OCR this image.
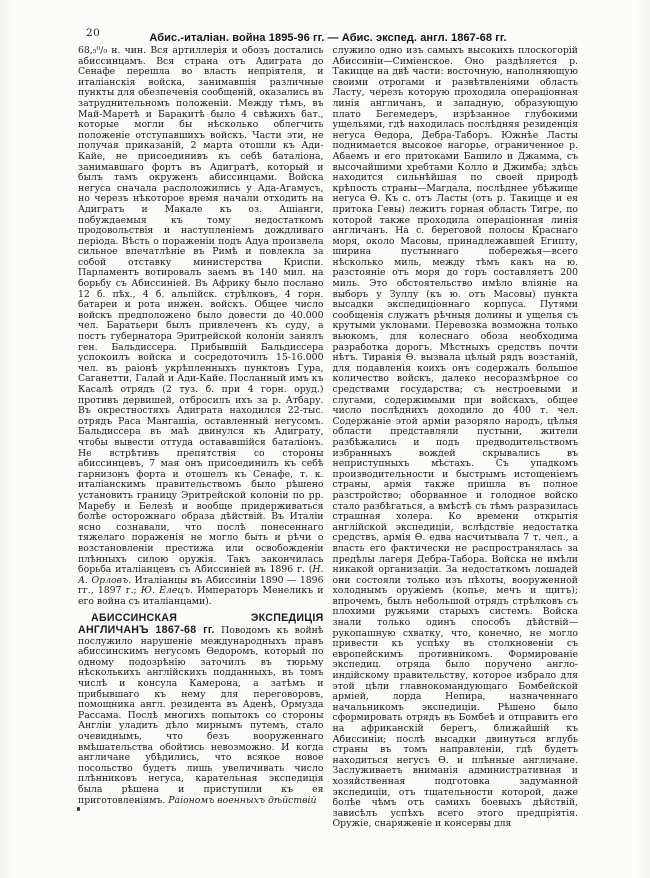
20	Абис.-италіан. война 1895-96 гг. — Абис. экспед. англ. 1867-68 гг.

68,₅⁰/₀ н. чин. Вся артиллерія и обозъ достались абиссинцамъ. Вся страна отъ Адиграта до Сенафе перешла во власть непріятеля, и италіанскія войска, занимавшія различные пункты для обезпеченія сообщеній, оказались въ затруднительномъ положеніи. Между тѣмъ, въ Май-Маретѣ и Баракитѣ было 4 свѣжихъ бат., которые могли бы нѣсколько облегчить положеніе отступавшихъ войскъ. Части эти, не получая приказаній, 2 марта отошли къ Ади-Кайе, не присоединивъ къ себѣ баталіона, занимавшаго фортъ въ Адигратѣ, который и былъ тамъ окруженъ абиссинцами. Войска негуса сначала расположились у Ада-Агамусъ, но черезъ нѣкоторое время начали отходить на Адигратъ и Макале къ оз. Ашіанги, побуждаемыя къ тому недостаткомъ продовольствія и наступленіемъ дождливаго періода. Вѣсть о пораженіи подъ Адуа произвела сильное впечатлѣніе въ Римѣ и повлекла за собой отставку министерства Криспи. Парламентъ вотировалъ заемъ въ 140 мил. на борьбу съ Абиссиніей. Въ Африку было послано 12 б. пѣх., 4 б. альпійск. стрѣлковъ, 4 горн. батареи и рота инжен. войскъ. Общее число войскъ предположено было довести до 40.000 чел. Баратьери былъ привлеченъ къ суду, а постъ губернатора Эритрейской колоніи занялъ ген. Бальдиссера. Прибывшій Бальдиссера успокоилъ войска и сосредоточилъ 15-16.000 чел. въ раіонѣ укрѣпленныхъ пунктовъ Гура, Саганетти, Галай и Ади-Кайе. Посланный имъ къ Касалѣ отрядъ (2 туз. б. при 4 горн. оруд.) противъ дервишей, отбросилъ ихъ за р. Атбару. Въ окрестностяхъ Адиграта находился 22-тыс. отрядъ Раса Мангашіа, оставленный негусомъ. Бальдиссера въ маѣ двинулся къ Адиграту, чтобы вывести оттуда остававшійся баталіонъ. Не встрѣтивъ препятствія со стороны абиссинцевъ, 7 мая онъ присоединилъ къ себѣ гарнизонъ форта и отошелъ къ Сенафе, т. к. италіанскимъ правительствомъ было рѣшено установить границу Эритрейской колоніи по рр. Маребу и Белезѣ и вообще придерживаться болѣе осторожнаго образа дѣйствій. Въ Италіи ясно сознавали, что послѣ понесеннаго тяжелаго пораженія не могло быть и рѣчи о возстановленіи престижа или освобожденіи плѣнныхъ силою оружія. Такъ закончилась борьба италіанцевъ съ Абиссиніей въ 1896 г. (Н. А. Орловъ. Италіанцы въ Абиссиніи 1890 — 1896 гг., 1897 г.; Ю. Елецъ. Императоръ Менеликъ и его война съ италіанцами).

АБИССИНСКАЯ ЭКСПЕДИЦІЯ АНГЛИЧАНЪ 1867-68 гг. Поводомъ къ войнѣ послужило нарушеніе международныхъ правъ абиссинскимъ негусомъ Ѳедоромъ, который по одному подозрѣнію заточилъ въ тюрьму нѣсколькихъ англійскихъ подданныхъ, въ томъ числѣ и консула Камерона, а затѣмъ и прибывшаго къ нему для переговоровъ, помощника англ. резидента въ Аденѣ, Ормузда Рассама. Послѣ многихъ попытокъ со стороны Англіи уладить дѣло мирнымъ путемъ, стало очевиднымъ, что безъ вооруженнаго вмѣшательства обойтись невозможно. И когда англичане убѣдились, что всякое новое посольство будетъ лишь увеличивать число плѣнниковъ негуса, карательная экспедиція была рѣшена и приступили къ ея приготовленіямъ. Раіономъ военныхъ дѣйствій

служило одно изъ самыхъ высокихъ плоскогорій Абиссиніи—Симіенское. Оно раздѣляется р. Такицце на двѣ части: восточную, наполняющую своими отрогами и развѣтвленіями область Ласту, черезъ которую проходила операціонная линія англичанъ, и западную, образующую плато Бегемедеръ, изрѣзанное глубокими ущельями, гдѣ находилась послѣдняя резиденція негуса Ѳедора, Дебра-Таборъ. Южнѣе Ласты поднимается высокое нагорье, ограниченное р. Абаемъ и его притоками Башило и Джамма, съ высочайшими хребтами Колло и Джимба; здѣсь находится сильнѣйшая по своей природѣ крѣпость страны—Магдала, послѣднее убѣжище негуса Ѳ. Къ с. отъ Ласты (отъ р. Такицце и ея притока Гевы) лежитъ горная область Тигре, по которой также проходила операціонная линія англичанъ. На с. береговой полосы Краснаго моря, около Масовы, принадлежавшей Египту, ширина пустыннаго побережья—всего нѣсколько миль, между тѣмъ какъ на ю. разстояніе отъ моря до горъ составляетъ 200 миль. Это обстоятельство имѣло вліяніе на выборъ у Зуллу (къ ю. отъ Масовы) пункта высадки экспедиціоннаго корпуса. Путями сообщенія служатъ рѣчныя долины и ущелья съ крутыми уклонами. Перевозка возможна только вьюкомъ, для колеснаго обоза необходима разработка дорогъ. Мѣстныхъ средствъ почти нѣтъ. Тиранія Ѳ. вызвала цѣлый рядъ возстаній, для подавленія коихъ онъ содержалъ большое количество войскъ, далеко несоразмѣрное со средствами государства; съ нестроевыми и слугами, содержимыми при войскахъ, общее число послѣднихъ доходило до 400 т. чел. Содержаніе этой арміи разоряло народъ, цѣлыя области представляли пустыни, жители разбѣжались и подъ предводительствомъ избранныхъ вождей скрывались въ неприступныхъ мѣстахъ. Съ упадкомъ производительности и быстрымъ истощеніемъ страны, армія также пришла въ полное разстройство; оборванное и голодное войско стало разбѣгаться, а вмѣстѣ съ тѣмъ разразилась страшная холера. Ко времени открытія англійской экспедиціи, вслѣдствіе недостатка средствъ, армія Ѳ. едва насчитывала 7 т. чел., а власть его фактически не распространялась за предѣлы лагеря Дебра-Табора. Войска не имѣли никакой организаціи. За недостаткомъ лошадей они состояли только изъ пѣхоты, вооруженной холоднымъ оружіемъ (копье, мечъ и щитъ); впрочемъ, былъ небольшой отрядъ стрѣлковъ съ плохими ружьями старыхъ системъ. Войска знали только одинъ способъ дѣйствій—рукопашную схватку, что, конечно, не могло привести къ успѣху въ столкновеніи съ европейскимъ противникомъ. Формированіе экспедиц. отряда было поручено англо-индійскому правительству, которое избрало для этой цѣли главнокомандующаго Бомбейской арміей, лорда Непира, назначеннаго начальникомъ экспедиціи. Рѣшено было сформировать отрядъ въ Бомбеѣ и отправить его на африканскій берегъ, ближайшій къ Абиссиніи; послѣ высадки двинуться вглубь страны въ томъ направленіи, гдѣ будетъ находиться негусъ Ѳ. и плѣнные англичане. Заслуживаетъ вниманія административная и хозяйственная подготовка задуманной экспедиціи, отъ тщательности которой, даже болѣе чѣмъ отъ самихъ боевыхъ дѣйствій, зависѣлъ успѣхъ всего этого предпріятія. Оружіе, снаряженіе и консервы для
